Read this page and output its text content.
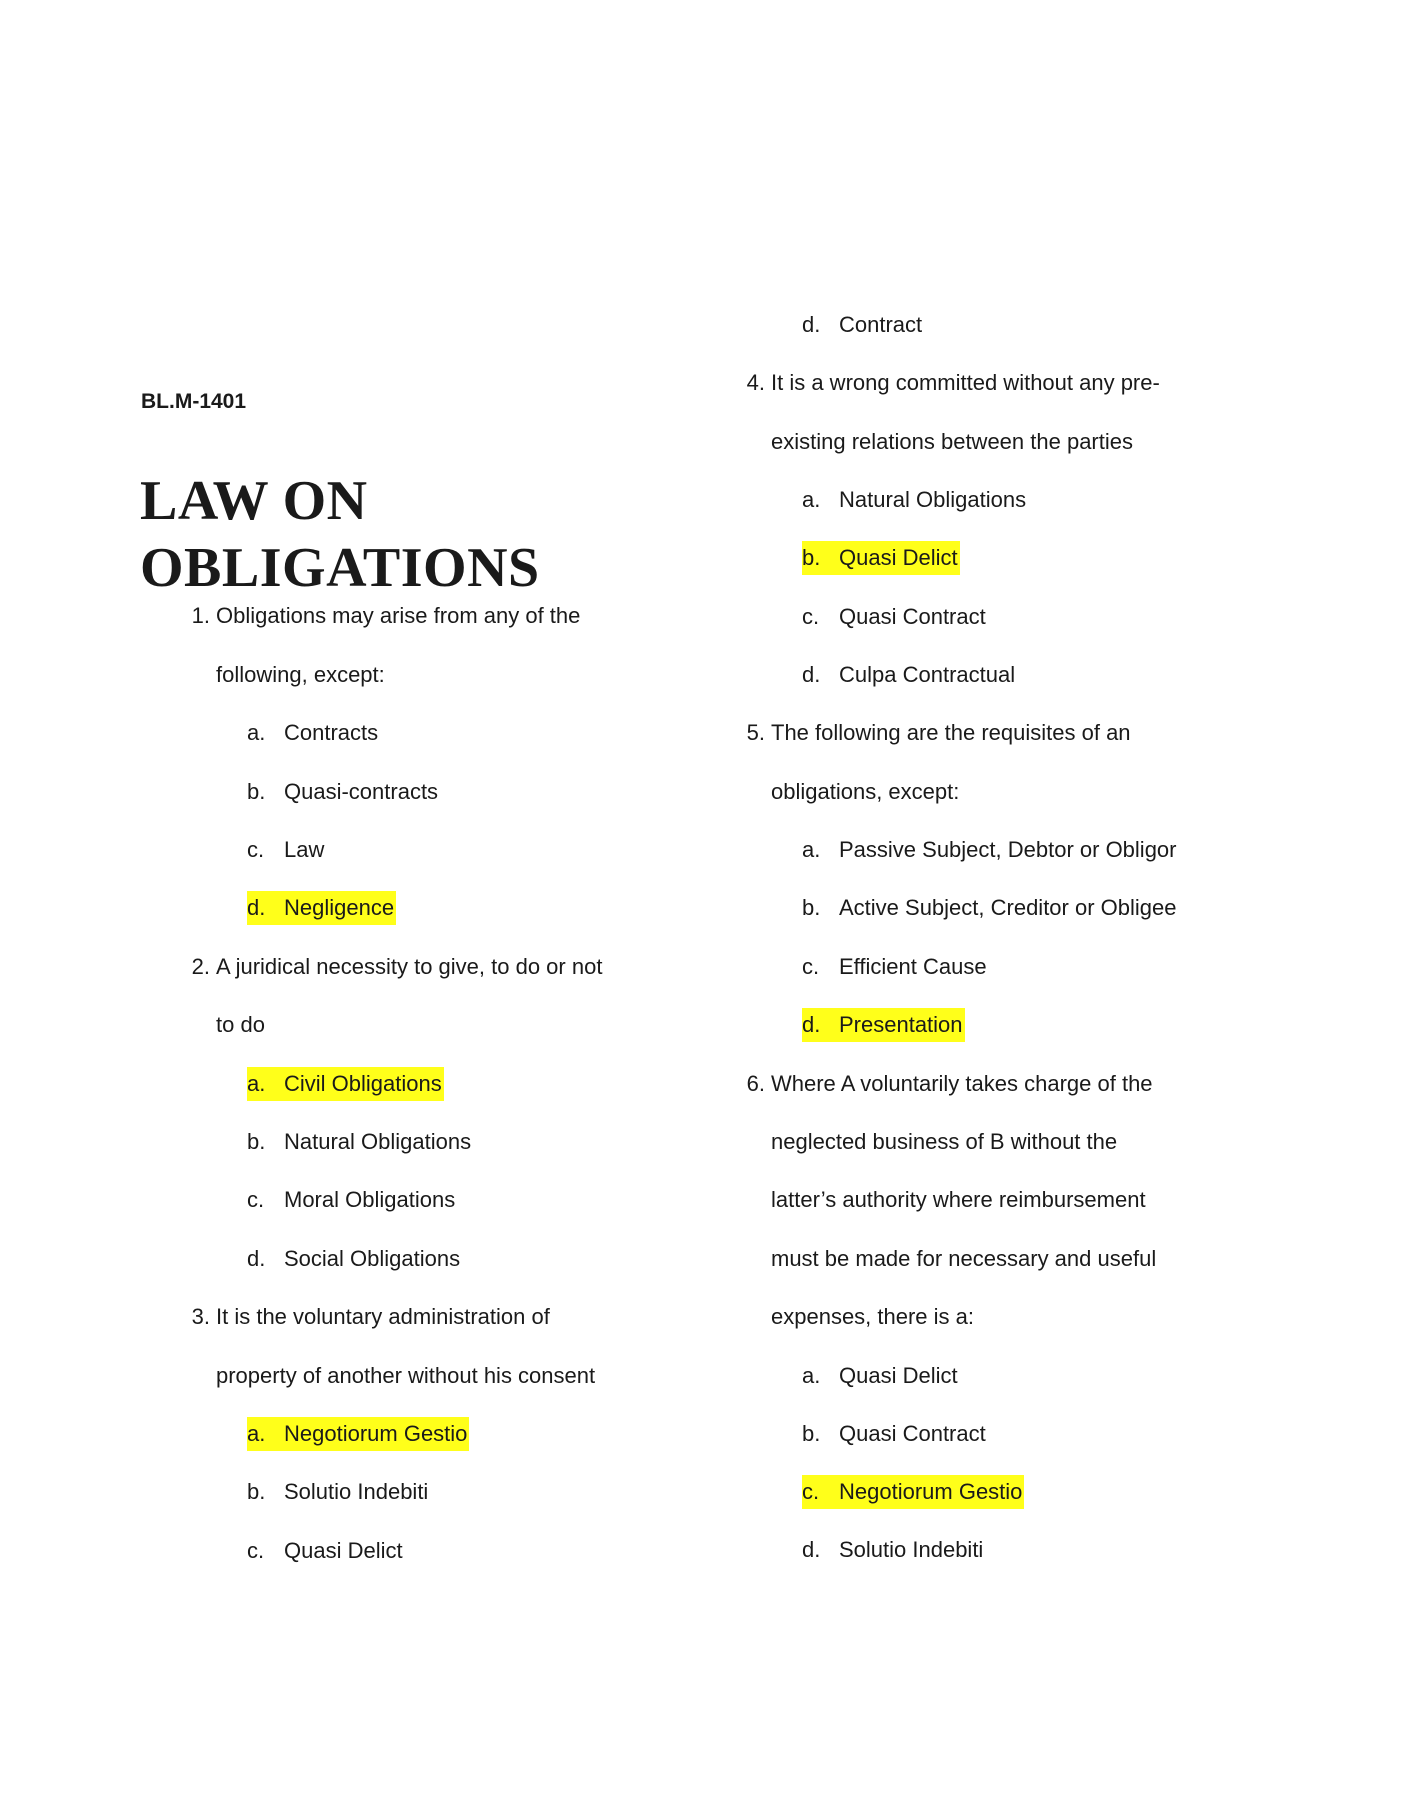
BL.M-1401
LAW ON
OBLIGATIONS
1. Obligations may arise from any of the
following, except:
a. Contracts
b. Quasi-contracts
c. Law
d. Negligence
2. A juridical necessity to give, to do or not
to do
a. Civil Obligations
b. Natural Obligations
c. Moral Obligations
d. Social Obligations
3. It is the voluntary administration of
property of another without his consent
a. Negotiorum Gestio
b. Solutio Indebiti
c. Quasi Delict
d. Contract
4. It is a wrong committed without any pre-
existing relations between the parties
a. Natural Obligations
b. Quasi Delict
c. Quasi Contract
d. Culpa Contractual
5. The following are the requisites of an
obligations, except:
a. Passive Subject, Debtor or Obligor
b. Active Subject, Creditor or Obligee
c. Efficient Cause
d. Presentation
6. Where A voluntarily takes charge of the
neglected business of B without the
latter’s authority where reimbursement
must be made for necessary and useful
expenses, there is a:
a. Quasi Delict
b. Quasi Contract
c. Negotiorum Gestio
d. Solutio Indebiti
